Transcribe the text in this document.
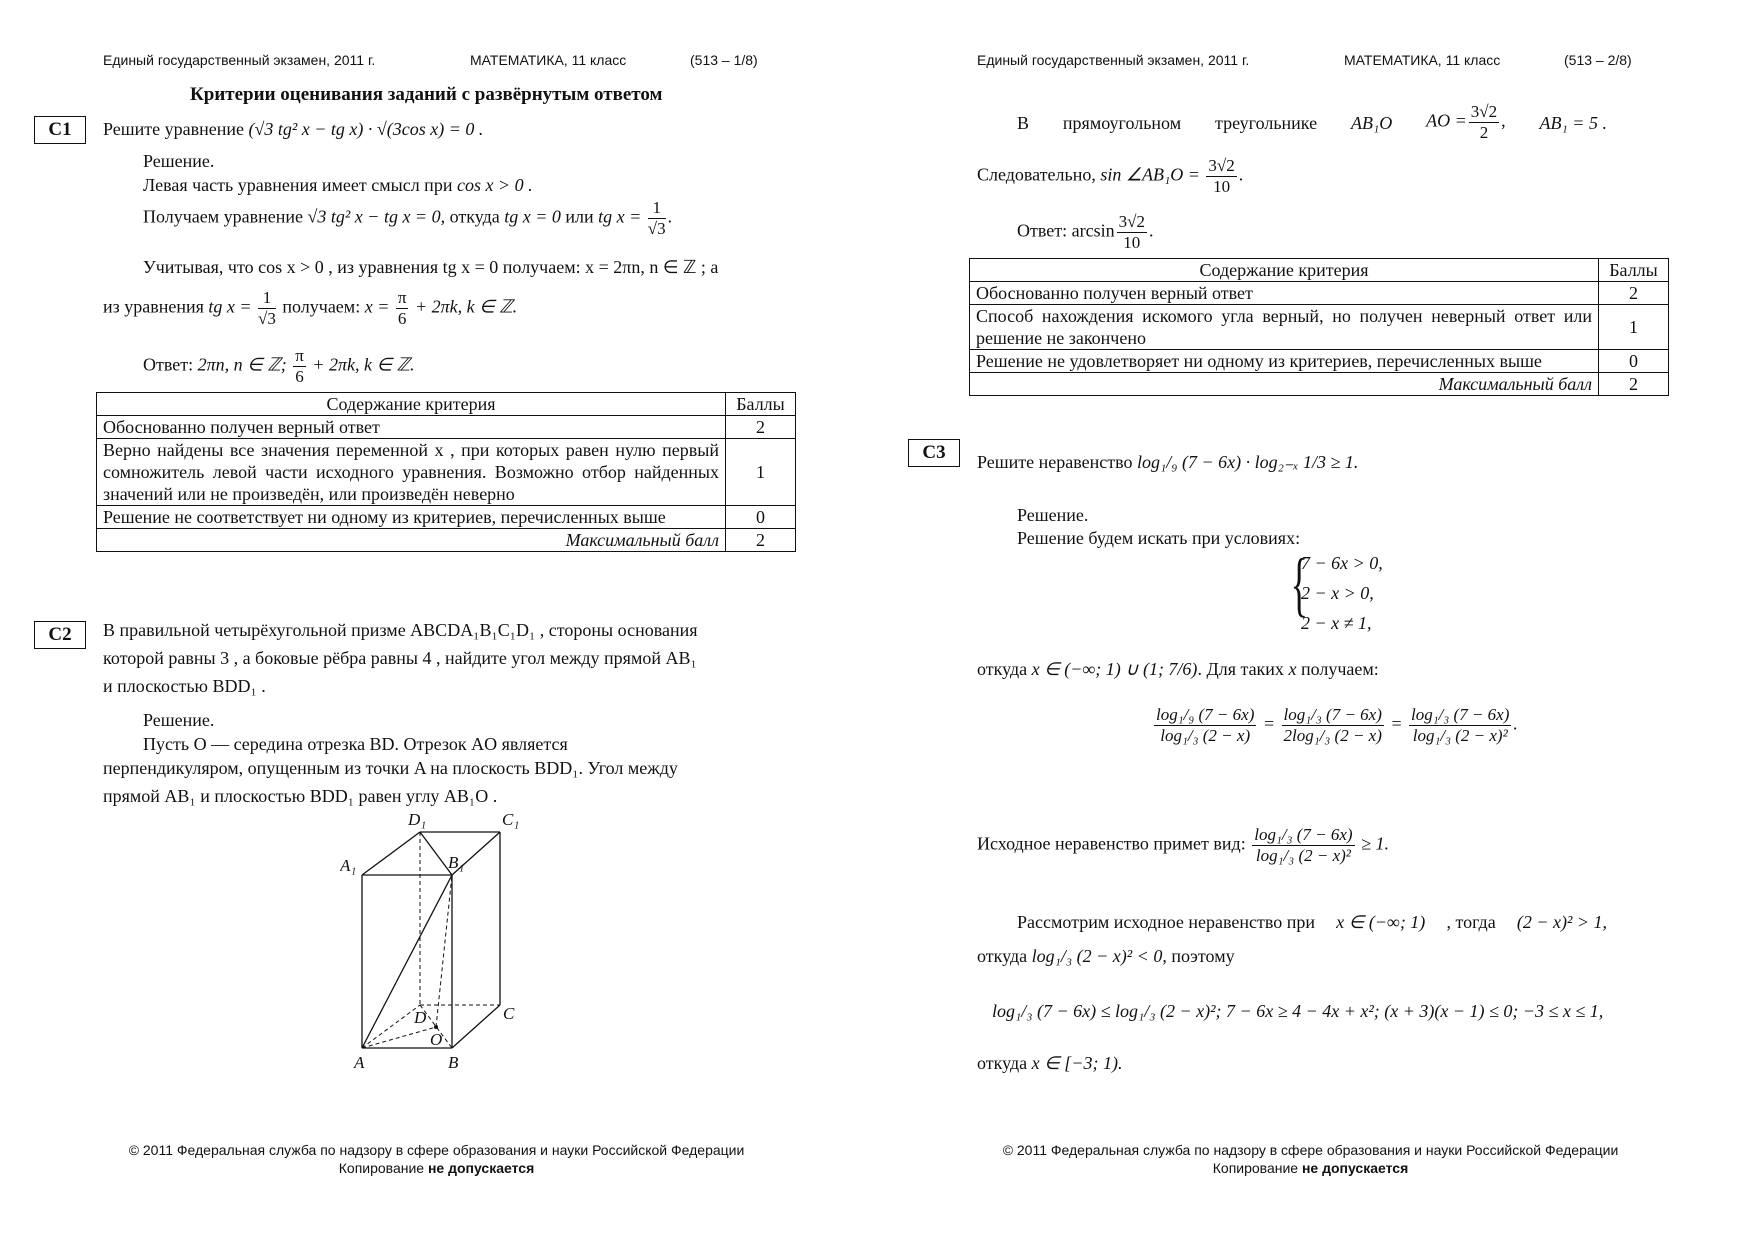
Единый государственный экзамен, 2011 г.	МАТЕМАТИКА, 11 класс	(513 – 1/8)
Критерии оценивания заданий с развёрнутым ответом
C1	Решите уравнение (√3 tg² x − tg x) · √(3cos x) = 0 .
Решение.
Левая часть уравнения имеет смысл при cos x > 0 .
Получаем уравнение √3 tg² x − tg x = 0, откуда tg x = 0 или tg $x = \frac{1}{√3}$ .
Учитывая, что cos x > 0 , из уравнения tg x = 0 получаем: x = 2πn, n ∈ ℤ ; а
из уравнения tg $x = \frac{1}{√3}$ получаем: $x = \frac{\pi}{6} + 2\pi k$, k ∈ ℤ.
Ответ: 2πn, n ∈ ℤ; $\frac{\pi}{6} + 2\pi k$, k ∈ ℤ.
Содержание критерия	Баллы
Обоснованно получен верный ответ	2
Верно найдены все значения переменной x , при которых равен нулю первый сомножитель левой части исходного уравнения. Возможно отбор найденных значений или не произведён, или произведён неверно	1
Решение не соответствует ни одному из критериев, перечисленных выше	0
Максимальный балл	2
C2	В правильной четырёхугольной призме ABCDA₁B₁C₁D₁ , стороны основания
которой равны 3 , а боковые рёбра равны 4 , найдите угол между прямой AB₁
и плоскостью BDD₁ .
Решение.
Пусть O — середина отрезка BD. Отрезок AO является
перпендикуляром, опущенным из точки A на плоскость BDD₁. Угол между
прямой AB₁ и плоскостью BDD₁ равен углу AB₁O .
D₁	C₁
A₁	B₁
D	C
O
A	B
© 2011 Федеральная служба по надзору в сфере образования и науки Российской Федерации
Копирование не допускается
Единый государственный экзамен, 2011 г.	МАТЕМАТИКА, 11 класс	(513 – 2/8)
В прямоугольном треугольнике AB₁O AO = $\frac{3√2}{2}$ , AB₁ = 5 .
Следовательно, sin ∠AB₁O = $\frac{3√2}{10}$ .
Ответ: $\arcsin \frac{3√2}{10}$ .
Содержание критерия	Баллы
Обоснованно получен верный ответ	2
Способ нахождения искомого угла верный, но получен неверный ответ или решение не закончено	1
Решение не удовлетворяет ни одному из критериев, перечисленных выше	0
Максимальный балл	2
C3	Решите неравенство log₁/₉ (7 − 6x) · log₂₋ₓ 1/3 ≥ 1.
Решение.
Решение будем искать при условиях:
{
7 − 6x > 0,
2 − x > 0,
2 − x ≠ 1,
откуда x ∈ (−∞; 1) ∪ (1; 7/6). Для таких x получаем:
$\frac{\text{log₁/₉ (7 − 6x)}}{\text{log₁/₃ (2 − x)}} = \frac{\text{log₁/₃ (7 − 6x)}}{\text{2log₁/₃ (2 − x)}} = \frac{\text{log₁/₃ (7 − 6x)}}{\text{log₁/₃ (2 − x)²}}$ .
Исходное неравенство примет вид: $\frac{\text{log₁/₃ (7 − 6x)}}{\text{log₁/₃ (2 − x)²}} \ge 1$.
Рассмотрим исходное неравенство при x ∈ (−∞; 1) , тогда (2 − x)² > 1,
откуда log₁/₃ (2 − x)² < 0, поэтому
log₁/₃ (7 − 6x) ≤ log₁/₃ (2 − x)²; 7 − 6x ≥ 4 − 4x + x²; (x + 3)(x − 1) ≤ 0; −3 ≤ x ≤ 1,
откуда x ∈ [−3; 1).
© 2011 Федеральная служба по надзору в сфере образования и науки Российской Федерации
Копирование не допускается
